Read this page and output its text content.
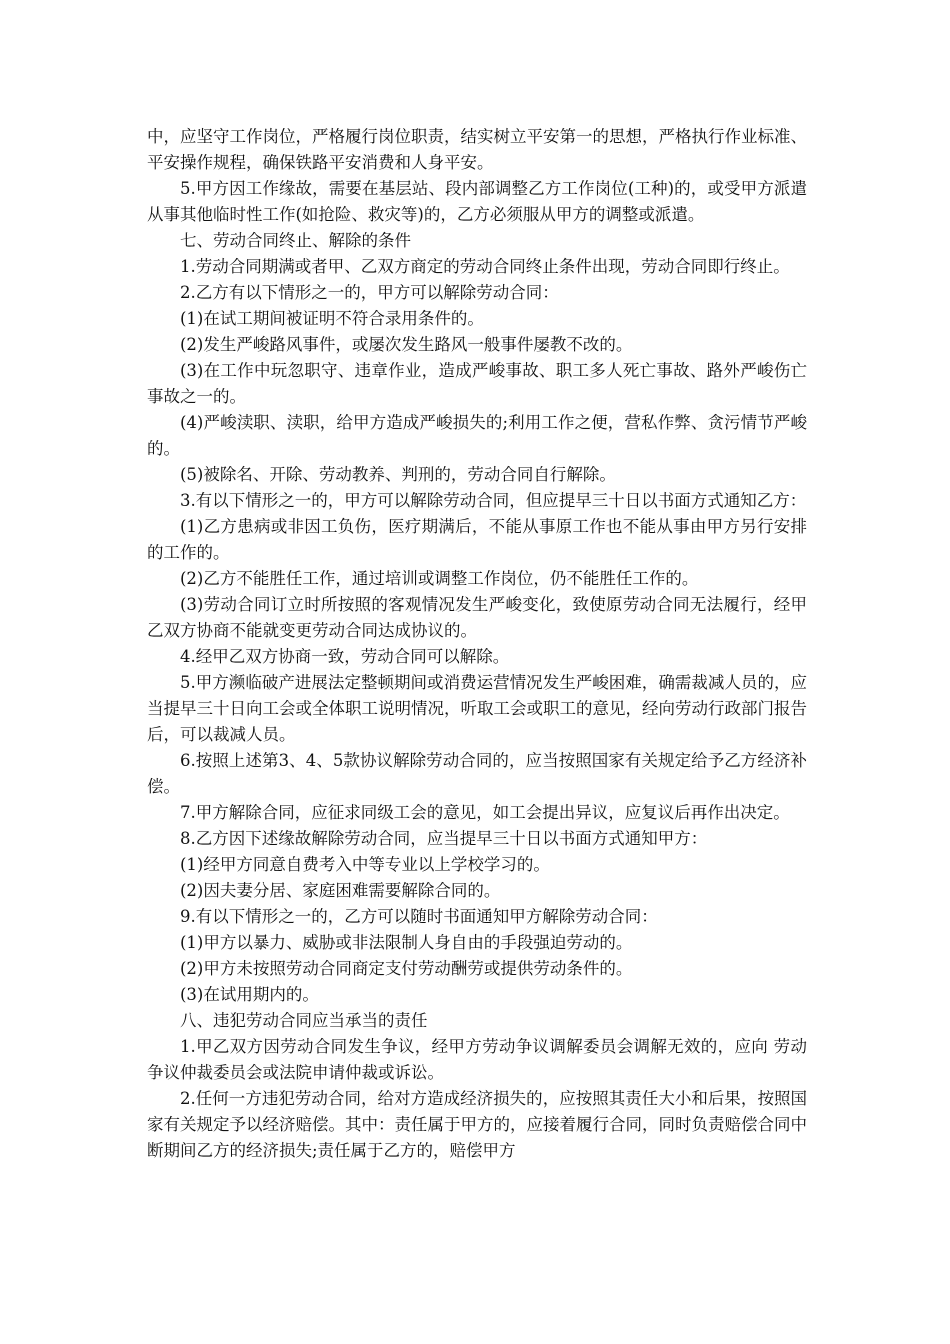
中，应坚守工作岗位，严格履行岗位职责，结实树立平安第一的思想，严格执行作业标准、平安操作规程，确保铁路平安消费和人身平安。

5.甲方因工作缘故，需要在基层站、段内部调整乙方工作岗位(工种)的，或受甲方派遣从事其他临时性工作(如抢险、救灾等)的，乙方必须服从甲方的调整或派遣。

七、劳动合同终止、解除的条件

1.劳动合同期满或者甲、乙双方商定的劳动合同终止条件出现，劳动合同即行终止。

2.乙方有以下情形之一的，甲方可以解除劳动合同：

(1)在试工期间被证明不符合录用条件的。

(2)发生严峻路风事件，或屡次发生路风一般事件屡教不改的。

(3)在工作中玩忽职守、违章作业，造成严峻事故、职工多人死亡事故、路外严峻伤亡事故之一的。

(4)严峻渎职、渎职，给甲方造成严峻损失的;利用工作之便，营私作弊、贪污情节严峻的。

(5)被除名、开除、劳动教养、判刑的，劳动合同自行解除。

3.有以下情形之一的，甲方可以解除劳动合同，但应提早三十日以书面方式通知乙方：

(1)乙方患病或非因工负伤，医疗期满后，不能从事原工作也不能从事由甲方另行安排的工作的。

(2)乙方不能胜任工作，通过培训或调整工作岗位，仍不能胜任工作的。

(3)劳动合同订立时所按照的客观情况发生严峻变化，致使原劳动合同无法履行，经甲乙双方协商不能就变更劳动合同达成协议的。

4.经甲乙双方协商一致，劳动合同可以解除。

5.甲方濒临破产进展法定整顿期间或消费运营情况发生严峻困难，确需裁减人员的，应当提早三十日向工会或全体职工说明情况，听取工会或职工的意见，经向劳动行政部门报告后，可以裁减人员。

6.按照上述第3、4、5款协议解除劳动合同的，应当按照国家有关规定给予乙方经济补偿。

7.甲方解除合同，应征求同级工会的意见，如工会提出异议，应复议后再作出决定。

8.乙方因下述缘故解除劳动合同，应当提早三十日以书面方式通知甲方：

(1)经甲方同意自费考入中等专业以上学校学习的。

(2)因夫妻分居、家庭困难需要解除合同的。

9.有以下情形之一的，乙方可以随时书面通知甲方解除劳动合同：

(1)甲方以暴力、威胁或非法限制人身自由的手段强迫劳动的。

(2)甲方未按照劳动合同商定支付劳动酬劳或提供劳动条件的。

(3)在试用期内的。

八、违犯劳动合同应当承当的责任

1.甲乙双方因劳动合同发生争议，经甲方劳动争议调解委员会调解无效的，应向 劳动争议仲裁委员会或法院申请仲裁或诉讼。

2.任何一方违犯劳动合同，给对方造成经济损失的，应按照其责任大小和后果，按照国家有关规定予以经济赔偿。其中：责任属于甲方的，应接着履行合同，同时负责赔偿合同中断期间乙方的经济损失;责任属于乙方的，赔偿甲方
